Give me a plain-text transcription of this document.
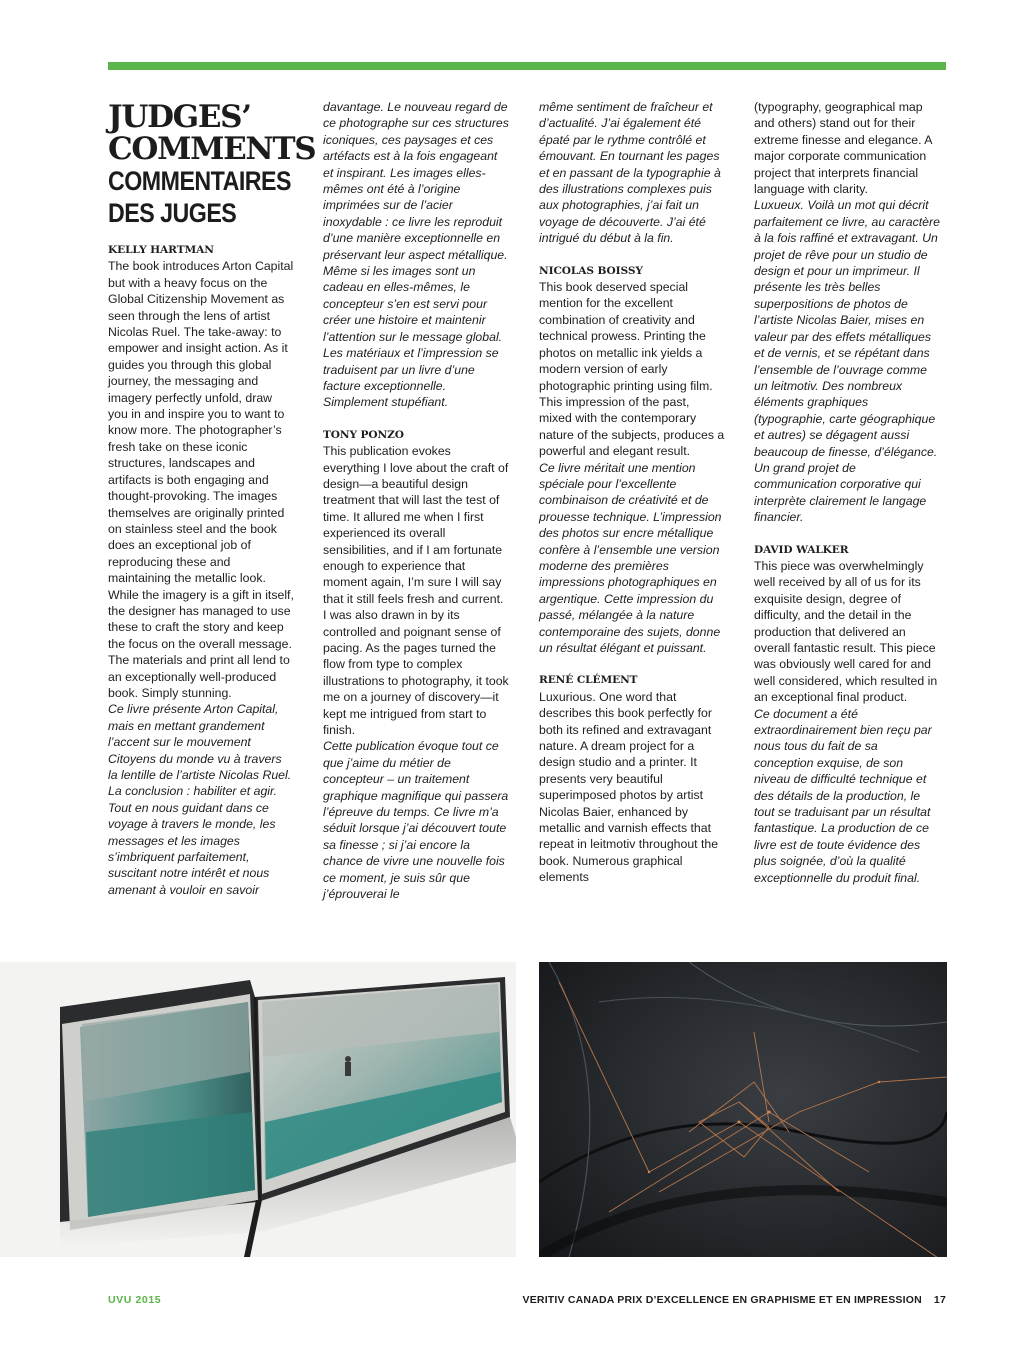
JUDGES’
COMMENTS
COMMENTAIRES
DES JUGES

KELLY HARTMAN

The book introduces Arton Capital but with a heavy focus on the Global Citizenship Movement as seen through the lens of artist Nicolas Ruel. The take-away: to empower and insight action. As it guides you through this global journey, the messaging and imagery perfectly unfold, draw you in and inspire you to want to know more. The photographer’s fresh take on these iconic structures, landscapes and artifacts is both engaging and thought-provoking. The images themselves are originally printed on stainless steel and the book does an exceptional job of reproducing these and maintaining the metallic look. While the imagery is a gift in itself, the designer has managed to use these to craft the story and keep the focus on the overall message. The materials and print all lend to an exceptionally well-produced book. Simply stunning.

Ce livre présente Arton Capital, mais en mettant grandement l’accent sur le mouvement Citoyens du monde vu à travers la lentille de l’artiste Nicolas Ruel. La conclusion : habiliter et agir. Tout en nous guidant dans ce voyage à travers le monde, les messages et les images s’imbriquent parfaitement, suscitant notre intérêt et nous amenant à vouloir en savoir

davantage. Le nouveau regard de ce photographe sur ces structures iconiques, ces paysages et ces artéfacts est à la fois engageant et inspirant. Les images elles-mêmes ont été à l’origine imprimées sur de l’acier inoxydable : ce livre les reproduit d’une manière exceptionnelle en préservant leur aspect métallique. Même si les images sont un cadeau en elles-mêmes, le concepteur s’en est servi pour créer une histoire et maintenir l’attention sur le message global. Les matériaux et l’impression se traduisent par un livre d’une facture exceptionnelle. Simplement stupéfiant.

TONY PONZO

This publication evokes everything I love about the craft of design—a beautiful design treatment that will last the test of time. It allured me when I first experienced its overall sensibilities, and if I am fortunate enough to experience that moment again, I’m sure I will say that it still feels fresh and current. I was also drawn in by its controlled and poignant sense of pacing. As the pages turned the flow from type to complex illustrations to photography, it took me on a journey of discovery—it kept me intrigued from start to finish.

Cette publication évoque tout ce que j’aime du métier de concepteur – un traitement graphique magnifique qui passera l’épreuve du temps. Ce livre m’a séduit lorsque j’ai découvert toute sa finesse ; si j’ai encore la chance de vivre une nouvelle fois ce moment, je suis sûr que j’éprouverai le

même sentiment de fraîcheur et d’actualité. J’ai également été épaté par le rythme contrôlé et émouvant. En tournant les pages et en passant de la typographie à des illustrations complexes puis aux photographies, j’ai fait un voyage de découverte. J’ai été intrigué du début à la fin.

NICOLAS BOISSY

This book deserved special mention for the excellent combination of creativity and technical prowess. Printing the photos on metallic ink yields a modern version of early photographic printing using film. This impression of the past, mixed with the contemporary nature of the subjects, produces a powerful and elegant result.

Ce livre méritait une mention spéciale pour l’excellente combinaison de créativité et de prouesse technique. L’impression des photos sur encre métallique confère à l’ensemble une version moderne des premières impressions photographiques en argentique. Cette impression du passé, mélangée à la nature contemporaine des sujets, donne un résultat élégant et puissant.

RENÉ CLÉMENT

Luxurious. One word that describes this book perfectly for both its refined and extravagant nature. A dream project for a design studio and a printer. It presents very beautiful superimposed photos by artist Nicolas Baier, enhanced by metallic and varnish effects that repeat in leitmotiv throughout the book. Numerous graphical elements

(typography, geographical map and others) stand out for their extreme finesse and elegance. A major corporate communication project that interprets financial language with clarity.

Luxueux. Voilà un mot qui décrit parfaitement ce livre, au caractère à la fois raffiné et extravagant. Un projet de rêve pour un studio de design et pour un imprimeur. Il présente les très belles superpositions de photos de l’artiste Nicolas Baier, mises en valeur par des effets métalliques et de vernis, et se répétant dans l’ensemble de l’ouvrage comme un leitmotiv. Des nombreux éléments graphiques (typographie, carte géographique et autres) se dégagent aussi beaucoup de finesse, d’élégance. Un grand projet de communication corporative qui interprète clairement le langage financier.

DAVID WALKER

This piece was overwhelmingly well received by all of us for its exquisite design, degree of difficulty, and the detail in the production that delivered an overall fantastic result. This piece was obviously well cared for and well considered, which resulted in an exceptional final product.

Ce document a été extraordinairement bien reçu par nous tous du fait de sa conception exquise, de son niveau de difficulté technique et des détails de la production, le tout se traduisant par un résultat fantastique. La production de ce livre est de toute évidence des plus soignée, d’où la qualité exceptionnelle du produit final.

UVU 2015	VERITIV CANADA PRIX D’EXCELLENCE EN GRAPHISME ET EN IMPRESSION 17
